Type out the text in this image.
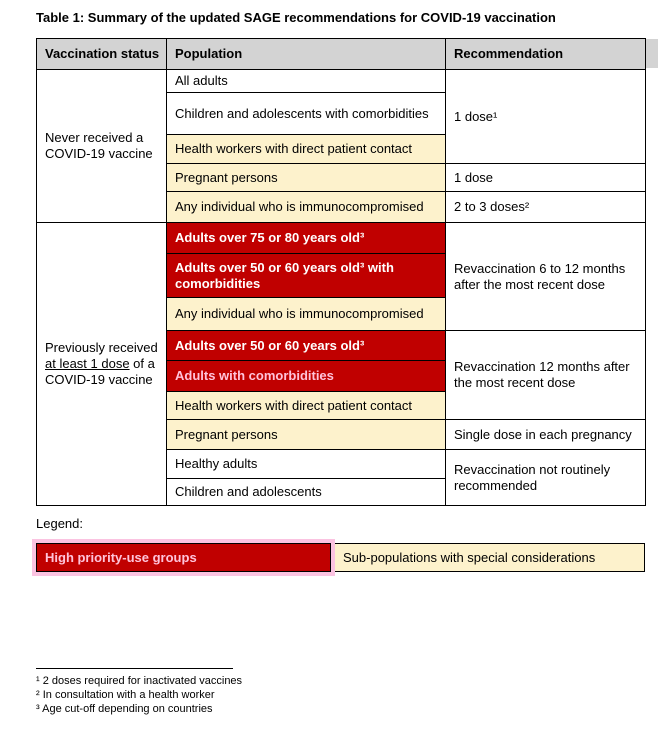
Table 1: Summary of the updated SAGE recommendations for COVID-19 vaccination
Vaccination status	Population	Recommendation
Never received a COVID-19 vaccine	All adults	1 dose¹
	Children and adolescents with comorbidities	
	Health workers with direct patient contact	
	Pregnant persons	1 dose
	Any individual who is immunocompromised	2 to 3 doses²
Previously received at least 1 dose of a COVID-19 vaccine	Adults over 75 or 80 years old³	Revaccination 6 to 12 months after the most recent dose
	Adults over 50 or 60 years old³ with comorbidities	
	Any individual who is immunocompromised	
	Adults over 50 or 60 years old³	Revaccination 12 months after the most recent dose
	Adults with comorbidities	
	Health workers with direct patient contact	
	Pregnant persons	Single dose in each pregnancy
	Healthy adults	Revaccination not routinely recommended
	Children and adolescents	
Legend:
High priority-use groups	Sub-populations with special considerations
¹ 2 doses required for inactivated vaccines
² In consultation with a health worker
³ Age cut-off depending on countries
